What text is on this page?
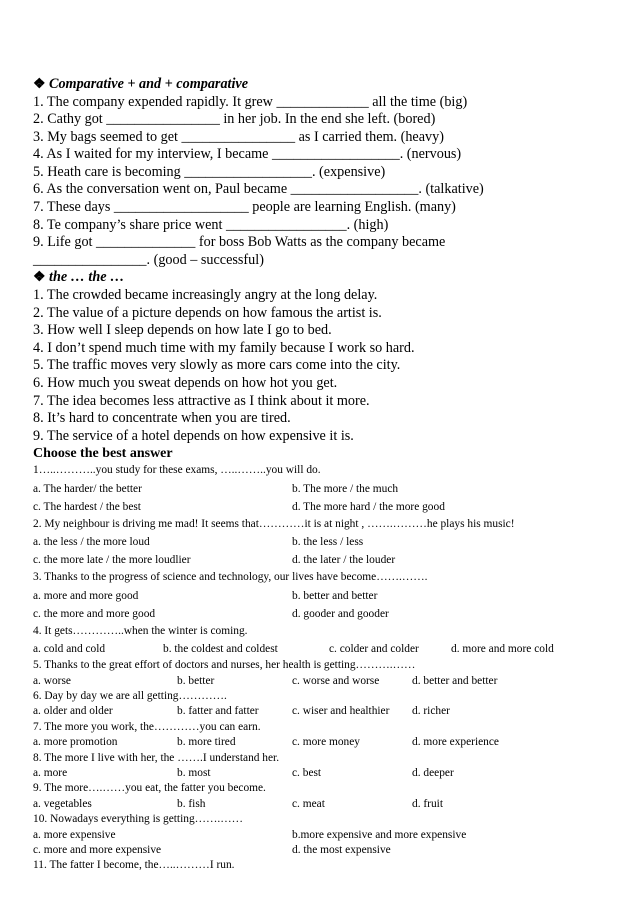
❖ Comparative + and + comparative
1. The company expended rapidly. It grew _____________ all the time (big)
2. Cathy got ________________ in her job. In the end she left. (bored)
3. My bags seemed to get ________________ as I carried them. (heavy)
4. As I waited for my interview, I became __________________. (nervous)
5. Heath care is becoming __________________. (expensive)
6. As the conversation went on, Paul became __________________. (talkative)
7. These days ___________________ people are learning English. (many)
8. Te company’s share price went _________________. (high)
9. Life got ______________ for boss Bob Watts as the company became
________________. (good – successful)
❖ the … the …
1. The crowded became increasingly angry at the long delay.
2. The value of a picture depends on how famous the artist is.
3. How well I sleep depends on how late I go to bed.
4. I don’t spend much time with my family because I work so hard.
5. The traffic moves very slowly as more cars come into the city.
6. How much you sweat depends on how hot you get.
7. The idea becomes less attractive as I think about it more.
8. It’s hard to concentrate when you are tired.
9. The service of a hotel depends on how expensive it is.
Choose the best answer
1…..………..you study for these exams, …..……..you will do.
a. The harder/ the better	b. The more / the much
c. The hardest / the best	d. The more hard / the more good
2. My neighbour is driving me mad! It seems that…………it is at night , …….………he plays his music!
a. the less / the more loud	b. the less / less
c. the more late / the more loudlier	d. the later / the louder
3. Thanks to the progress of science and technology, our lives have become…….…….
a. more and more good	b. better and better
c. the more and more good	d. gooder and gooder
4. It gets…………..when the winter is coming.
a. cold and cold	b. the coldest and coldest	c. colder and colder	d. more and more cold
5. Thanks to the great effort of doctors and nurses, her health is getting……….……
a. worse	b. better	c. worse and worse	d. better and better
6. Day by day we are all getting………….
a. older and older	b. fatter and fatter	c. wiser and healthier d. richer
7. The more you work, the…………you can earn.
a. more promotion	b. more tired	c. more money	d. more experience
8. The more I live with her, the …….I understand her.
a. more	b. most	c. best	d. deeper
9. The more….……you eat, the fatter you become.
a. vegetables	b. fish	c. meat	d. fruit
10. Nowadays everything is getting…….……
a. more expensive	b.more expensive and more expensive
c. more and more expensive	d. the most expensive
11. The fatter I become, the…..………I run.
